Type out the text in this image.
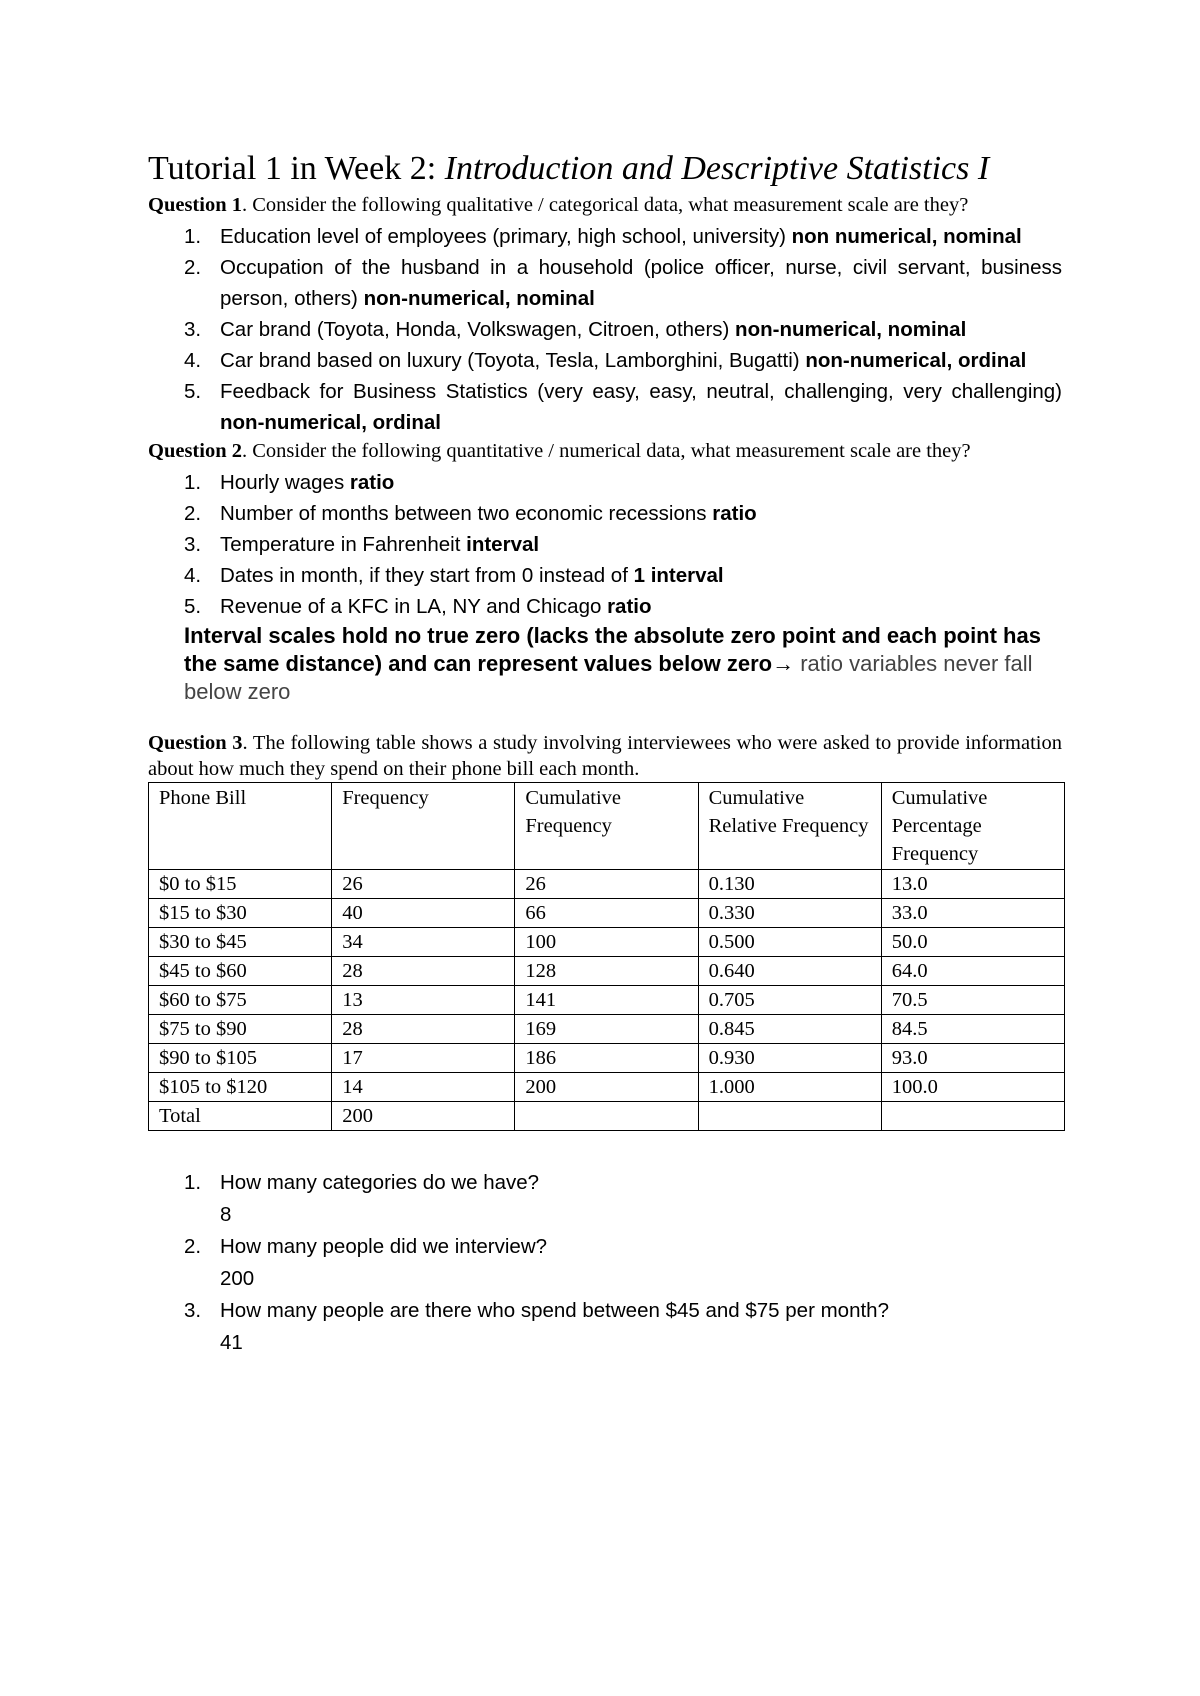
Tutorial 1 in Week 2: Introduction and Descriptive Statistics I

Question 1. Consider the following qualitative / categorical data, what measurement scale are they?

1. Education level of employees (primary, high school, university) non numerical, nominal
2. Occupation of the husband in a household (police officer, nurse, civil servant, business person, others) non-numerical, nominal
3. Car brand (Toyota, Honda, Volkswagen, Citroen, others) non-numerical, nominal
4. Car brand based on luxury (Toyota, Tesla, Lamborghini, Bugatti) non-numerical, ordinal
5. Feedback for Business Statistics (very easy, easy, neutral, challenging, very challenging) non-numerical, ordinal

Question 2. Consider the following quantitative / numerical data, what measurement scale are they?

1. Hourly wages ratio
2. Number of months between two economic recessions ratio
3. Temperature in Fahrenheit interval
4. Dates in month, if they start from 0 instead of 1 interval
5. Revenue of a KFC in LA, NY and Chicago ratio

Interval scales hold no true zero (lacks the absolute zero point and each point has the same distance) and can represent values below zero→ ratio variables never fall below zero

Question 3. The following table shows a study involving interviewees who were asked to provide information about how much they spend on their phone bill each month.

Phone Bill	Frequency	Cumulative Frequency	Cumulative Relative Frequency	Cumulative Percentage Frequency
$0 to $15	26	26	0.130	13.0
$15 to $30	40	66	0.330	33.0
$30 to $45	34	100	0.500	50.0
$45 to $60	28	128	0.640	64.0
$60 to $75	13	141	0.705	70.5
$75 to $90	28	169	0.845	84.5
$90 to $105	17	186	0.930	93.0
$105 to $120	14	200	1.000	100.0
Total	200			
1. How many categories do we have?
8
2. How many people did we interview?
200
3. How many people are there who spend between $45 and $75 per month?
41
